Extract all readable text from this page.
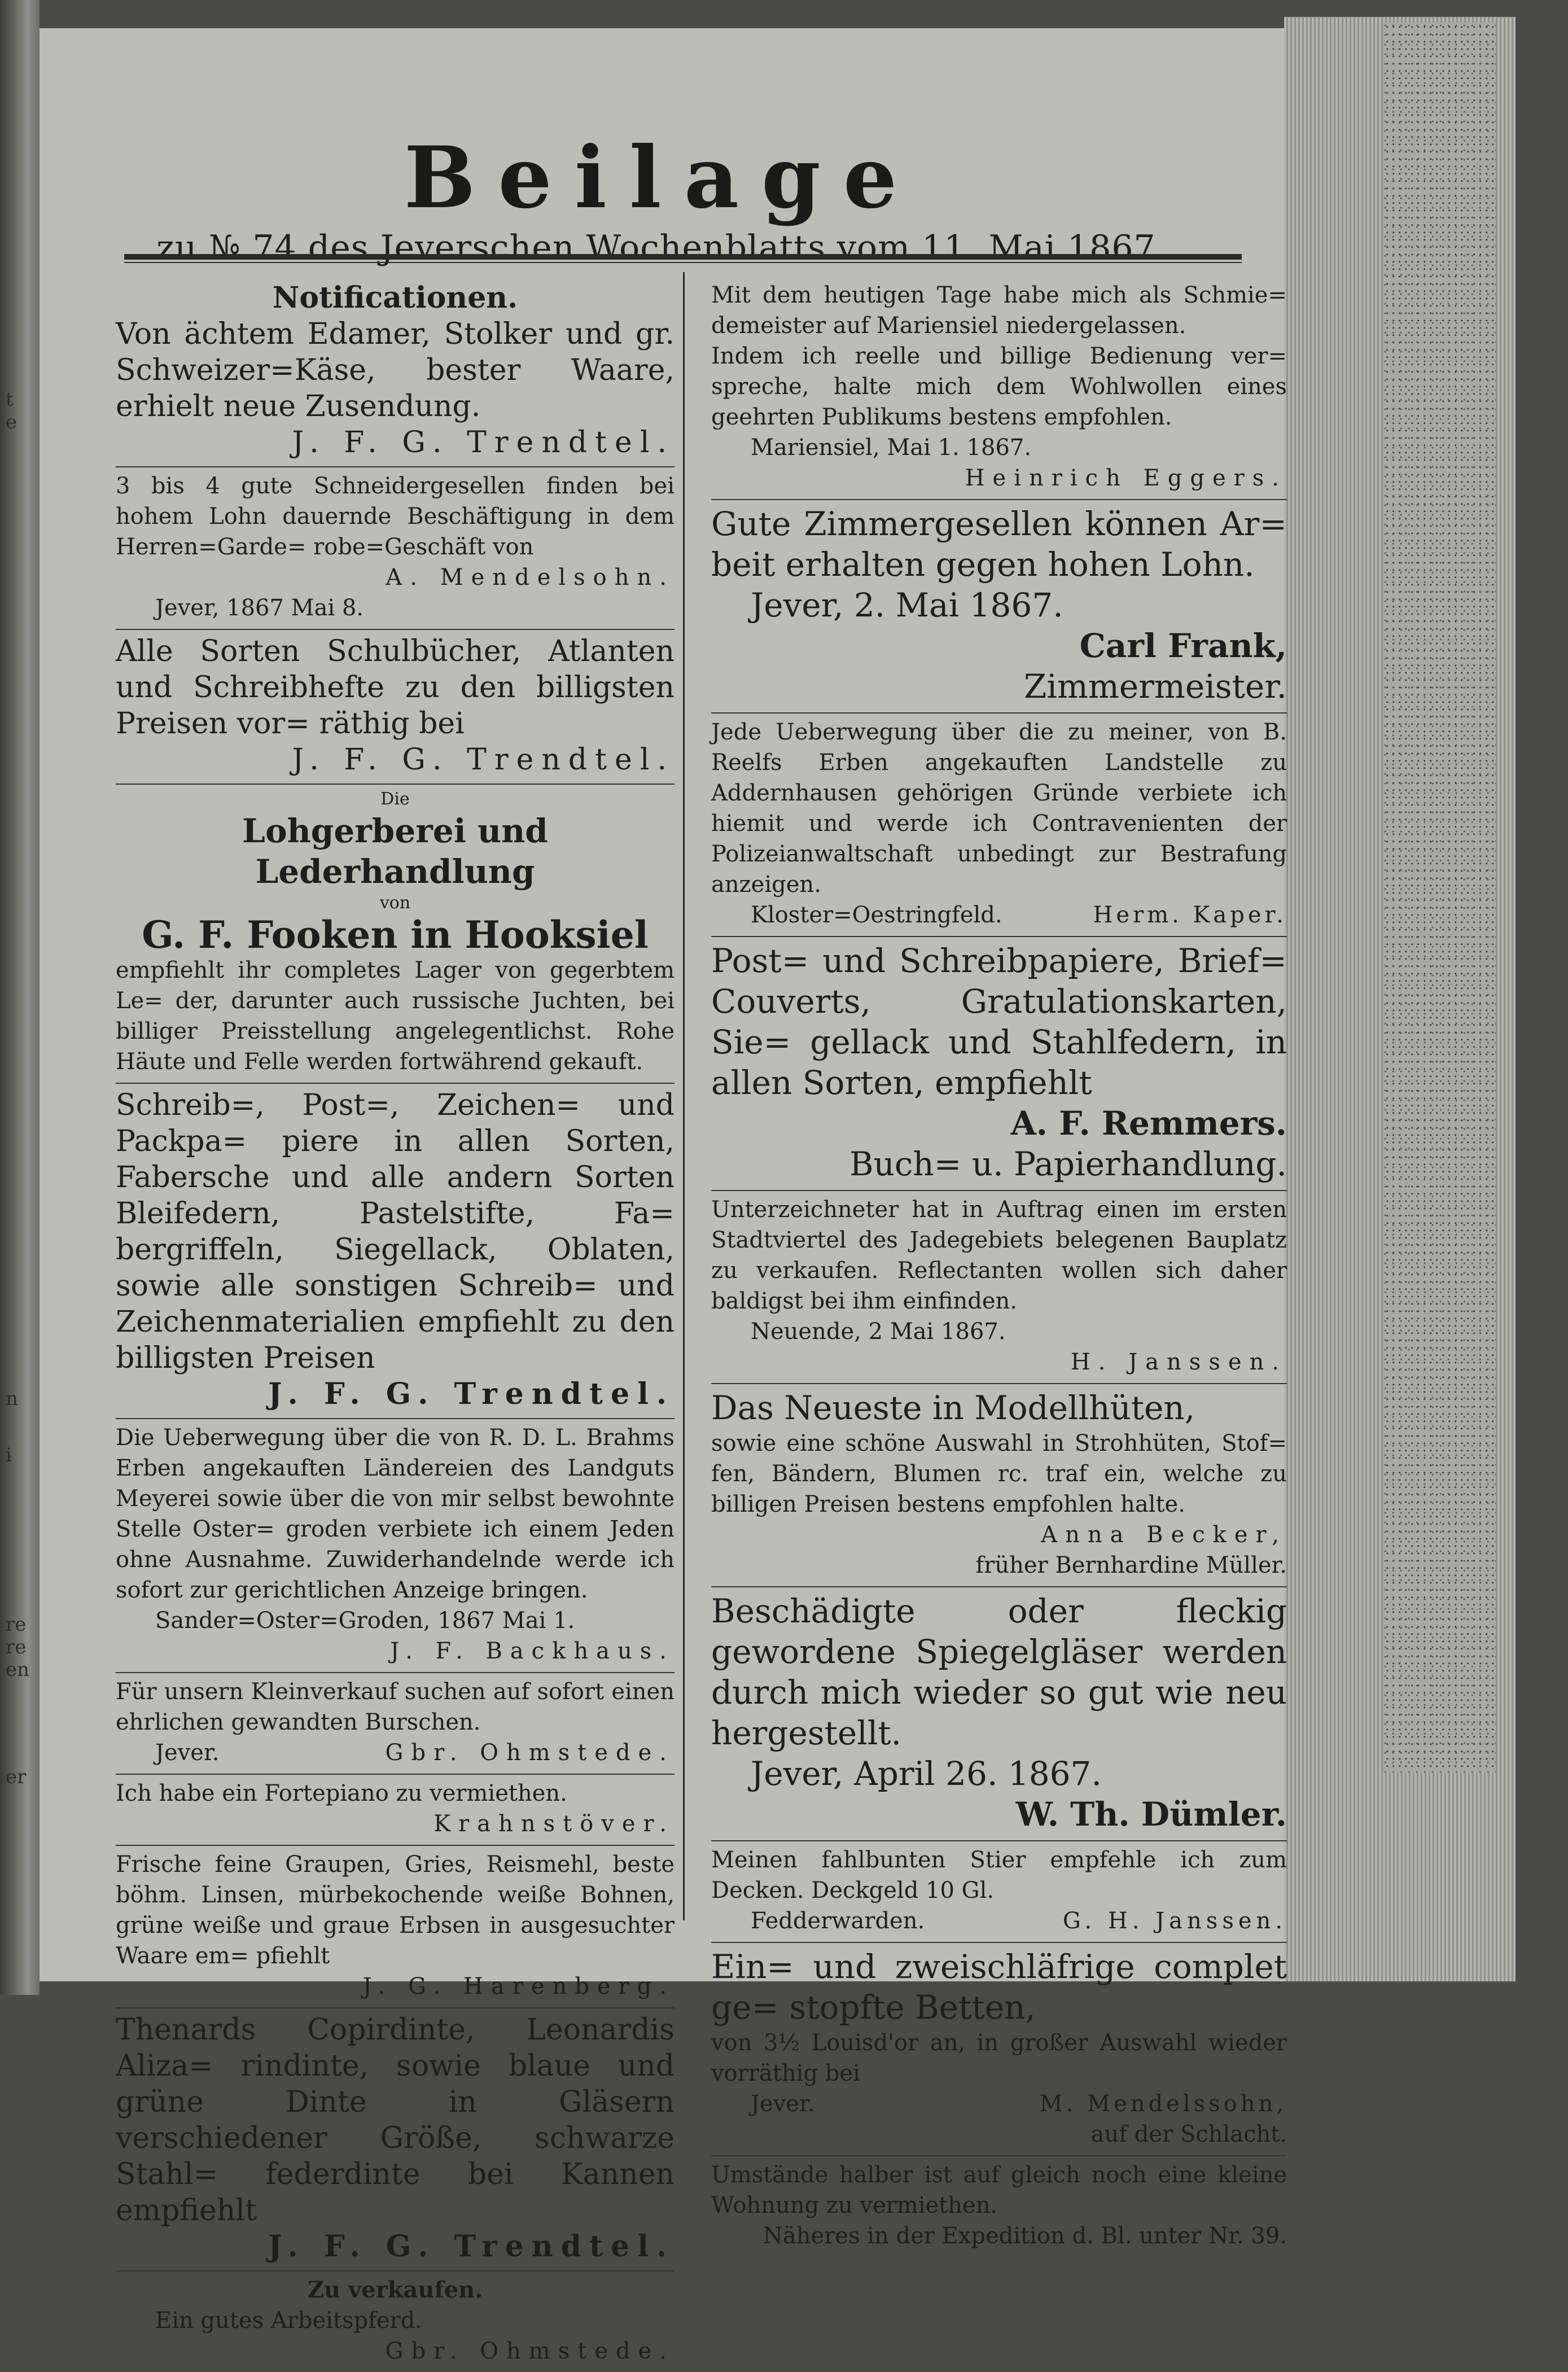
t
e
n
i
re
re
en
er
Beilage
zu № 74 des Jeverschen Wochenblatts vom 11. Mai 1867.

Notificationen.

Von ächtem Edamer, Stolker und gr. Schweizer=Käse, bester Waare, erhielt neue Zusendung.

J. F. G. Trendtel.

3 bis 4 gute Schneidergesellen finden bei hohem Lohn dauernde Beschäftigung in dem Herren=Garde= robe=Geschäft von

A. Mendelsohn.

Jever, 1867 Mai 8.

Alle Sorten Schulbücher, Atlanten und Schreibhefte zu den billigsten Preisen vor= räthig bei

J. F. G. Trendtel.

Die

Lohgerberei und Lederhandlung

von

G. F. Fooken in Hooksiel

empfiehlt ihr completes Lager von gegerbtem Le= der, darunter auch russische Juchten, bei billiger Preisstellung angelegentlichst. Rohe Häute und Felle werden fortwährend gekauft.

Schreib=, Post=, Zeichen= und Packpa= piere in allen Sorten, Fabersche und alle andern Sorten Bleifedern, Pastelstifte, Fa= bergriffeln, Siegellack, Oblaten, sowie alle sonstigen Schreib= und Zeichenmaterialien empfiehlt zu den billigsten Preisen

J. F. G. Trendtel.

Die Ueberwegung über die von R. D. L. Brahms Erben angekauften Ländereien des Landguts Meyerei sowie über die von mir selbst bewohnte Stelle Oster= groden verbiete ich einem Jeden ohne Ausnahme. Zuwiderhandelnde werde ich sofort zur gerichtlichen Anzeige bringen.

Sander=Oster=Groden, 1867 Mai 1.

J. F. Backhaus.

Für unsern Kleinverkauf suchen auf sofort einen ehrlichen gewandten Burschen.

Jever.	Gbr. Ohmstede.

Ich habe ein Fortepiano zu vermiethen.

Krahnstöver.

Frische feine Graupen, Gries, Reismehl, beste böhm. Linsen, mürbekochende weiße Bohnen, grüne weiße und graue Erbsen in ausgesuchter Waare em= pfiehlt

J. G. Harenberg.

Thenards Copirdinte, Leonardis Aliza= rindinte, sowie blaue und grüne Dinte in Gläsern verschiedener Größe, schwarze Stahl= federdinte bei Kannen empfiehlt

J. F. G. Trendtel.

Zu verkaufen.

Ein gutes Arbeitspferd.

Gbr. Ohmstede.

Mit dem heutigen Tage habe mich als Schmie= demeister auf Mariensiel niedergelassen.

Indem ich reelle und billige Bedienung ver= spreche, halte mich dem Wohlwollen eines geehrten Publikums bestens empfohlen.

Mariensiel, Mai 1. 1867.

Heinrich Eggers.

Gute Zimmergesellen können Ar= beit erhalten gegen hohen Lohn.

Jever, 2. Mai 1867.

Carl Frank,

Zimmermeister.

Jede Ueberwegung über die zu meiner, von B. Reelfs Erben angekauften Landstelle zu Addernhausen gehörigen Gründe verbiete ich hiemit und werde ich Contravenienten der Polizeianwaltschaft unbedingt zur Bestrafung anzeigen.

Kloster=Oestringfeld.	Herm. Kaper.

Post= und Schreibpapiere, Brief= Couverts, Gratulationskarten, Sie= gellack und Stahlfedern, in allen Sorten, empfiehlt

A. F. Remmers.

Buch= u. Papierhandlung.

Unterzeichneter hat in Auftrag einen im ersten Stadtviertel des Jadegebiets belegenen Bauplatz zu verkaufen. Reflectanten wollen sich daher baldigst bei ihm einfinden.

Neuende, 2 Mai 1867.

H. Janssen.

Das Neueste in Modellhüten,

sowie eine schöne Auswahl in Strohhüten, Stof= fen, Bändern, Blumen rc. traf ein, welche zu billigen Preisen bestens empfohlen halte.

Anna Becker,

früher Bernhardine Müller.

Beschädigte oder fleckig gewordene Spiegelgläser werden durch mich wieder so gut wie neu hergestellt.

Jever, April 26. 1867.

W. Th. Dümler.

Meinen fahlbunten Stier empfehle ich zum Decken. Deckgeld 10 Gl.

Fedderwarden.	G. H. Janssen.

Ein= und zweischläfrige complet ge= stopfte Betten,

von 3½ Louisd'or an, in großer Auswahl wieder vorräthig bei

Jever.	M. Mendelssohn,

auf der Schlacht.

Umstände halber ist auf gleich noch eine kleine Wohnung zu vermiethen.

Näheres in der Expedition d. Bl. unter Nr. 39.
